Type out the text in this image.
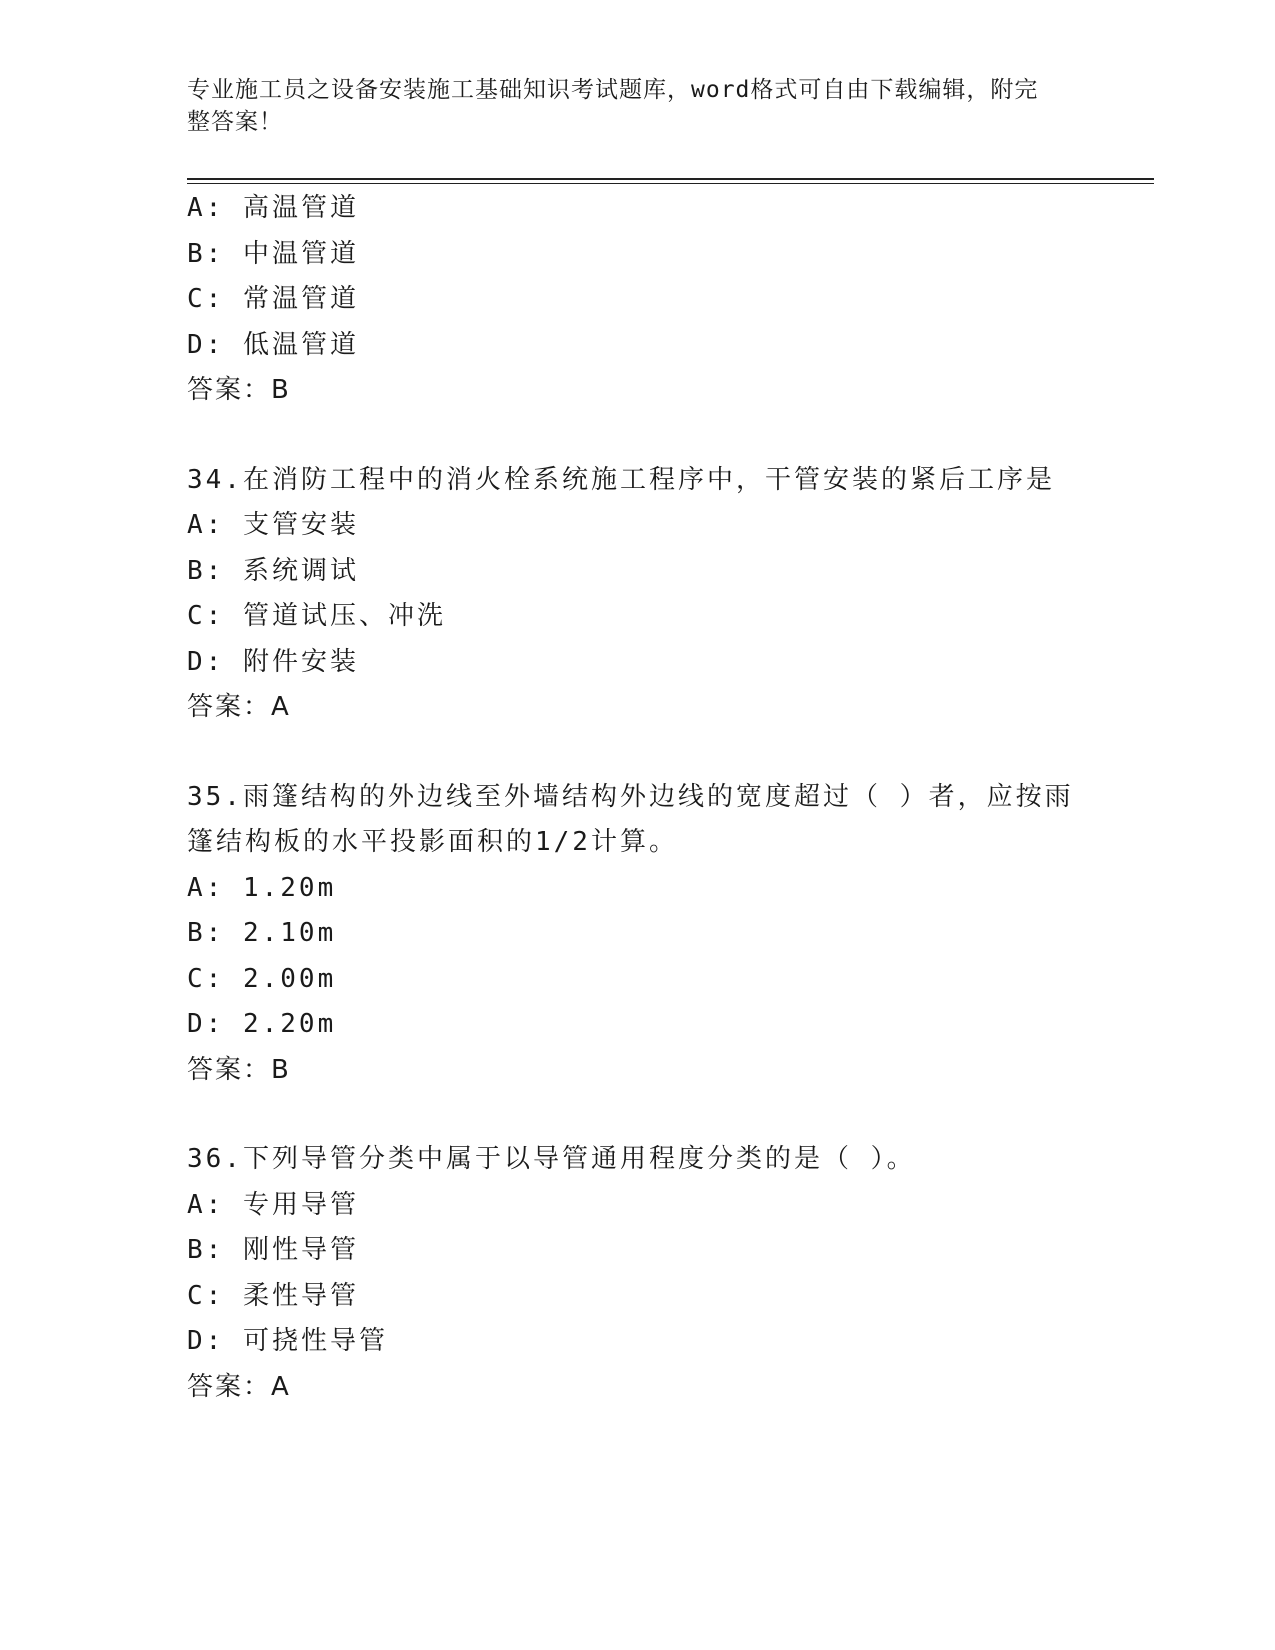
专业施工员之设备安装施工基础知识考试题库，word格式可自由下载编辑，附完
整答案！
A: 高温管道
B: 中温管道
C: 常温管道
D: 低温管道
答案：B
34.在消防工程中的消火栓系统施工程序中，干管安装的紧后工序是
A: 支管安装
B: 系统调试
C: 管道试压、冲洗
D: 附件安装
答案：A
35.雨篷结构的外边线至外墙结构外边线的宽度超过（ ）者，应按雨
篷结构板的水平投影面积的1/2计算。
A: 1.20m
B: 2.10m
C: 2.00m
D: 2.20m
答案：B
36.下列导管分类中属于以导管通用程度分类的是（ ）。
A: 专用导管
B: 刚性导管
C: 柔性导管
D: 可挠性导管
答案：A
